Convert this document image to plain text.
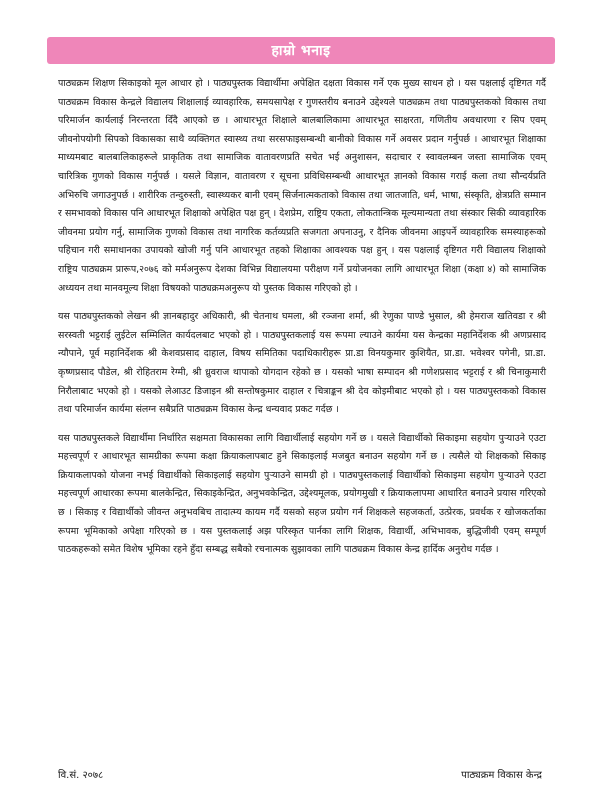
हाम्रो भनाइ

पाठ्यक्रम शिक्षण सिकाइको मूल आधार हो । पाठ्यपुस्तक विद्यार्थीमा अपेक्षित दक्षता विकास गर्ने एक मुख्य साधन हो । यस पक्षलाई दृष्टिगत गर्दै पाठ्यक्रम विकास केन्द्रले विद्यालय शिक्षालाई व्यावहारिक, समयसापेक्ष र गुणस्तरीय बनाउने उद्देश्यले पाठ्यक्रम तथा पाठ्यपुस्तकको विकास तथा परिमार्जन कार्यलाई निरन्तरता दिँदै आएको छ । आधारभूत शिक्षाले बालबालिकामा आधारभूत साक्षरता, गणितीय अवधारणा र सिप एवम् जीवनोपयोगी सिपको विकासका साथै व्यक्तिगत स्वास्थ्य तथा सरसफाइसम्बन्धी बानीको विकास गर्ने अवसर प्रदान गर्नुपर्छ । आधारभूत शिक्षाका माध्यमबाट बालबालिकाहरूले प्राकृतिक तथा सामाजिक वातावरणप्रति सचेत भई अनुशासन, सदाचार र स्वावलम्बन जस्ता सामाजिक एवम् चारित्रिक गुणको विकास गर्नुपर्छ । यसले विज्ञान, वातावरण र सूचना प्रविधिसम्बन्धी आधारभूत ज्ञानको विकास गराई कला तथा सौन्दर्यप्रति अभिरुचि जगाउनुपर्छ । शारीरिक तन्दुरुस्ती, स्वास्थ्यकर बानी एवम् सिर्जनात्मकताको विकास तथा जातजाति, धर्म, भाषा, संस्कृति, क्षेत्रप्रति सम्मान र समभावको विकास पनि आधारभूत शिक्षाको अपेक्षित पक्ष हुन् । देशप्रेम, राष्ट्रिय एकता, लोकतान्त्रिक मूल्यमान्यता तथा संस्कार सिकी व्यावहारिक जीवनमा प्रयोग गर्नु, सामाजिक गुणको विकास तथा नागरिक कर्तव्यप्रति सजगता अपनाउनु, र दैनिक जीवनमा आइपर्ने व्यावहारिक समस्याहरूको पहिचान गरी समाधानका उपायको खोजी गर्नु पनि आधारभूत तहको शिक्षाका आवश्यक पक्ष हुन् । यस पक्षलाई दृष्टिगत गरी विद्यालय शिक्षाको राष्ट्रिय पाठ्यक्रम प्रारूप,२०७६ को मर्मअनुरूप देशका विभिन्न विद्यालयमा परीक्षण गर्ने प्रयोजनका लागि आधारभूत शिक्षा (कक्षा ४) को सामाजिक अध्ययन तथा मानवमूल्य शिक्षा विषयको पाठ्यक्रमअनुरूप यो पुस्तक विकास गरिएको हो ।

यस पाठ्यपुस्तकको लेखन श्री ज्ञानबहादुर अधिकारी, श्री चेतनाथ घमला, श्री रञ्जना शर्मा, श्री रेणुका पाण्डे भुसाल, श्री हेमराज खतिवडा र श्री सरस्वती भट्टराई लुईटेल सम्मिलित कार्यदलबाट भएको हो । पाठ्यपुस्तकलाई यस रूपमा ल्याउने कार्यमा यस केन्द्रका महानिर्देशक श्री अणप्रसाद न्यौपाने, पूर्व महानिर्देशक श्री केशवप्रसाद दाहाल, विषय समितिका पदाधिकारीहरू प्रा.डा विनयकुमार कुशियैत, प्रा.डा. भवेश्वर पगेनी, प्रा.डा. कृष्णप्रसाद पौडेल, श्री रोहितराम रेग्मी, श्री ध्रुवराज थापाको योगदान रहेको छ । यसको भाषा सम्पादन श्री गणेशप्रसाद भट्टराई र श्री चिनाकुमारी निरौलाबाट भएको हो । यसको लेआउट डिजाइन श्री सन्तोषकुमार दाहाल र चित्राङ्कन श्री देव कोइमीबाट भएको हो । यस पाठ्यपुस्तकको विकास तथा परिमार्जन कार्यमा संलग्न सबैप्रति पाठ्यक्रम विकास केन्द्र धन्यवाद प्रकट गर्दछ ।

यस पाठ्यपुस्तकले विद्यार्थीमा निर्धारित सक्षमता विकासका लागि विद्यार्थीलाई सहयोग गर्ने छ । यसले विद्यार्थीको सिकाइमा सहयोग पुऱ्याउने एउटा महत्त्वपूर्ण र आधारभूत सामग्रीका रूपमा कक्षा क्रियाकलापबाट हुने सिकाइलाई मजबुत बनाउन सहयोग गर्ने छ । त्यसैले यो शिक्षकको सिकाइ क्रियाकलापको योजना नभई विद्यार्थीको सिकाइलाई सहयोग पुऱ्याउने सामग्री हो । पाठ्यपुस्तकलाई विद्यार्थीको सिकाइमा सहयोग पुऱ्याउने एउटा महत्त्वपूर्ण आधारका रूपमा बालकेन्द्रित, सिकाइकेन्द्रित, अनुभवकेन्द्रित, उद्देश्यमूलक, प्रयोगमुखी र क्रियाकलापमा आधारित बनाउने प्रयास गरिएको छ । सिकाइ र विद्यार्थीको जीवन्त अनुभवबिच तादात्म्य कायम गर्दै यसको सहज प्रयोग गर्न शिक्षकले सहजकर्ता, उत्प्रेरक, प्रवर्धक र खोजकर्ताका रूपमा भूमिकाको अपेक्षा गरिएको छ । यस पुस्तकलाई अझ परिस्कृत पार्नका लागि शिक्षक, विद्यार्थी, अभिभावक, बुद्धिजीवी एवम् सम्पूर्ण पाठकहरूको समेत विशेष भूमिका रहने हुँदा सम्बद्ध सबैको रचनात्मक सुझावका लागि पाठ्यक्रम विकास केन्द्र हार्दिक अनुरोध गर्दछ ।

वि.सं. २०७८	पाठ्यक्रम विकास केन्द्र
